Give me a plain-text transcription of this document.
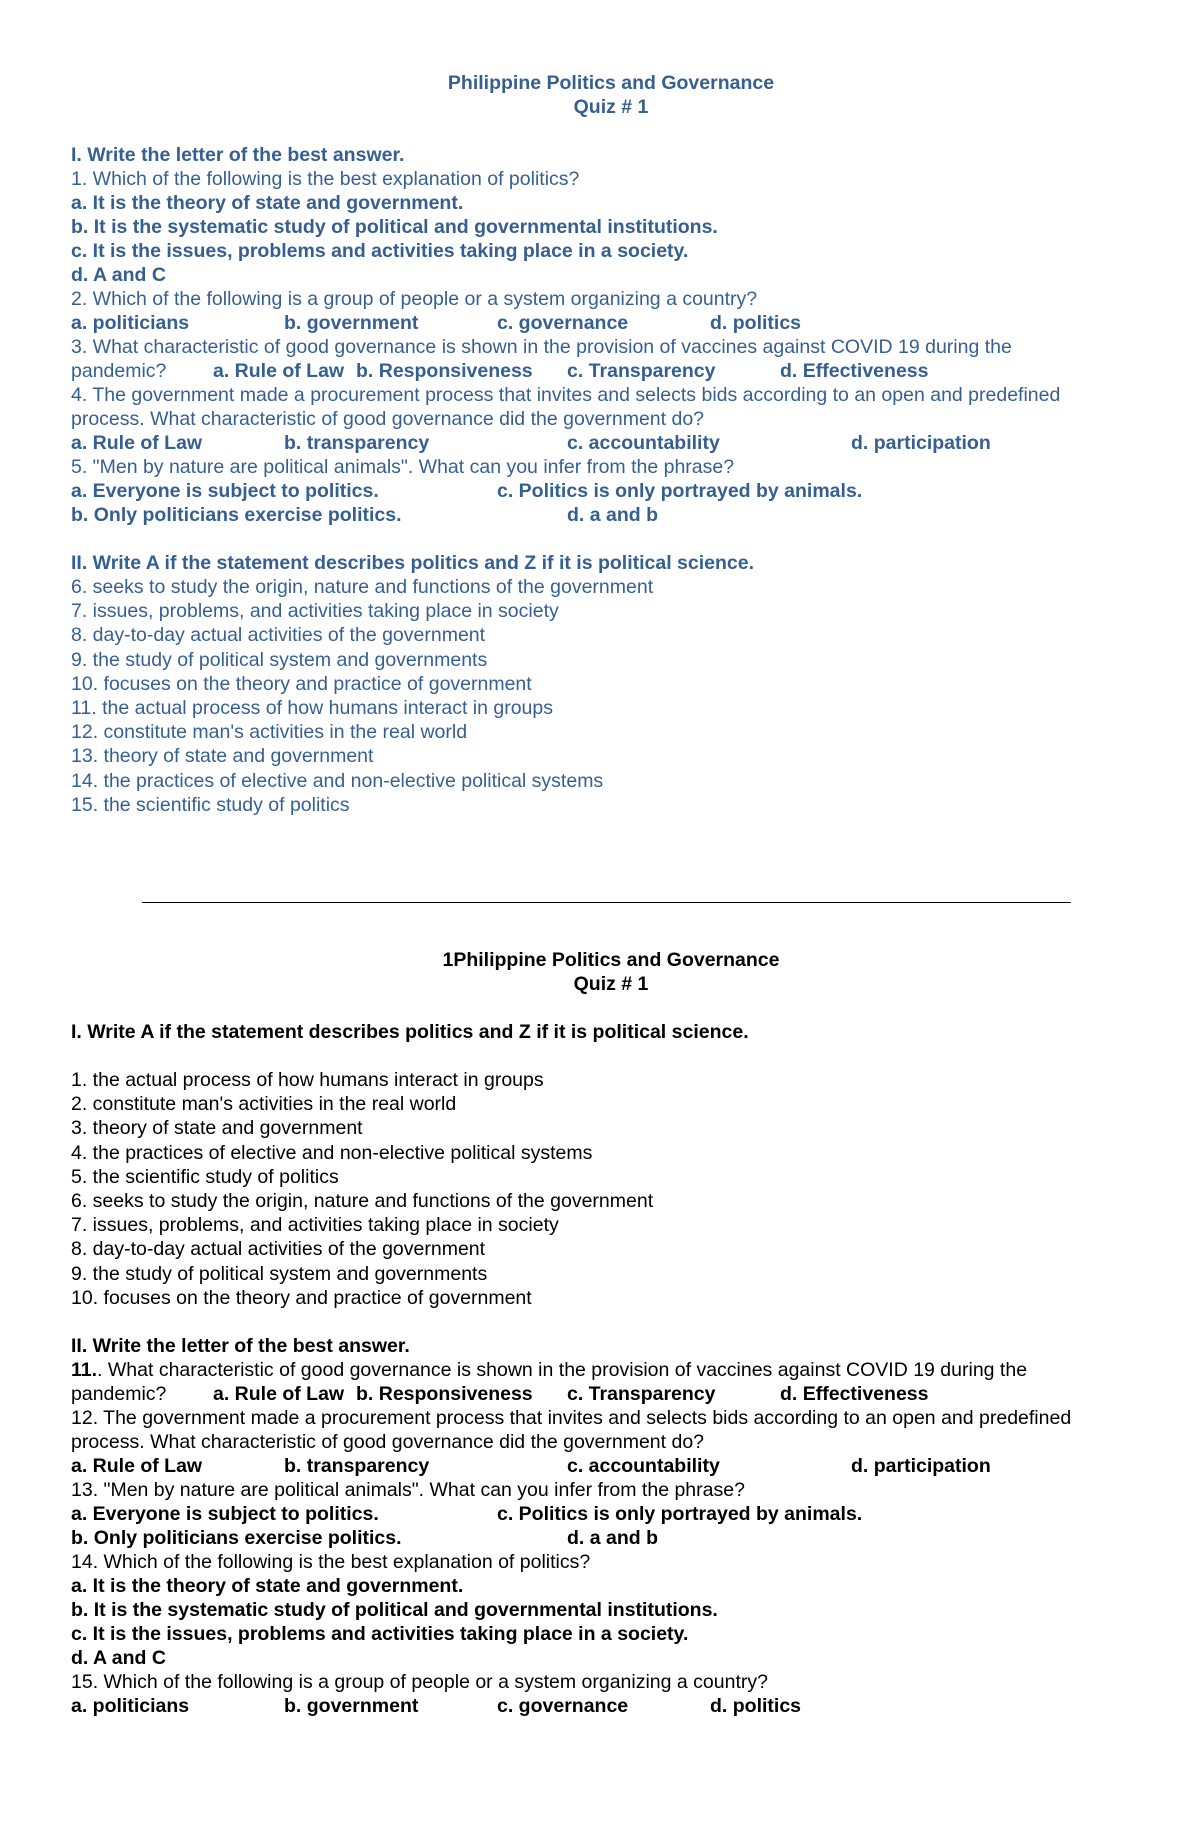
Philippine Politics and Governance
Quiz # 1
I. Write the letter of the best answer.
1. Which of the following is the best explanation of politics?
a. It is the theory of state and government.
b. It is the systematic study of political and governmental institutions.
c. It is the issues, problems and activities taking place in a society.
d. A and C
2. Which of the following is a group of people or a system organizing a country?
a. politicians	b. government	c. governance	d. politics
3. What characteristic of good governance is shown in the provision of vaccines against COVID 19 during the
pandemic? a. Rule of Law b. Responsiveness c. Transparency	d. Effectiveness
4. The government made a procurement process that invites and selects bids according to an open and predefined
process. What characteristic of good governance did the government do?
a. Rule of Law	b. transparency	c. accountability	d. participation
5. "Men by nature are political animals". What can you infer from the phrase?
a. Everyone is subject to politics.	c. Politics is only portrayed by animals.
b. Only politicians exercise politics.	d. a and b
II. Write A if the statement describes politics and Z if it is political science.
6. seeks to study the origin, nature and functions of the government
7. issues, problems, and activities taking place in society
8. day-to-day actual activities of the government
9. the study of political system and governments
10. focuses on the theory and practice of government
11. the actual process of how humans interact in groups
12. constitute man's activities in the real world
13. theory of state and government
14. the practices of elective and non-elective political systems
15. the scientific study of politics
1Philippine Politics and Governance
Quiz # 1
I. Write A if the statement describes politics and Z if it is political science.
1. the actual process of how humans interact in groups
2. constitute man's activities in the real world
3. theory of state and government
4. the practices of elective and non-elective political systems
5. the scientific study of politics
6. seeks to study the origin, nature and functions of the government
7. issues, problems, and activities taking place in society
8. day-to-day actual activities of the government
9. the study of political system and governments
10. focuses on the theory and practice of government
II. Write the letter of the best answer.
11.. What characteristic of good governance is shown in the provision of vaccines against COVID 19 during the
pandemic? a. Rule of Law b. Responsiveness c. Transparency	d. Effectiveness
12. The government made a procurement process that invites and selects bids according to an open and predefined
process. What characteristic of good governance did the government do?
a. Rule of Law	b. transparency	c. accountability	d. participation
13. "Men by nature are political animals". What can you infer from the phrase?
a. Everyone is subject to politics.	c. Politics is only portrayed by animals.
b. Only politicians exercise politics.	d. a and b
14. Which of the following is the best explanation of politics?
a. It is the theory of state and government.
b. It is the systematic study of political and governmental institutions.
c. It is the issues, problems and activities taking place in a society.
d. A and C
15. Which of the following is a group of people or a system organizing a country?
a. politicians	b. government	c. governance	d. politics
